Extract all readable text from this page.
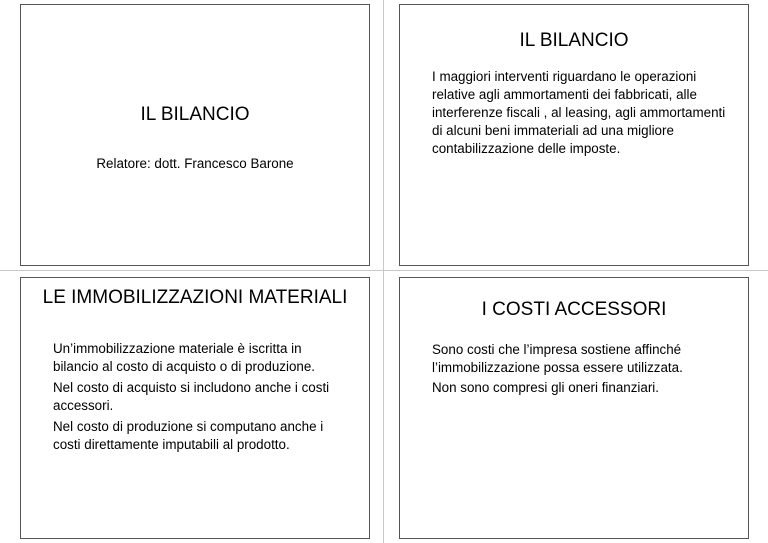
IL BILANCIO
Relatore: dott. Francesco Barone
IL BILANCIO

I maggiori interventi riguardano le operazioni relative agli ammortamenti dei fabbricati, alle interferenze fiscali , al leasing, agli ammortamenti di alcuni beni immateriali ad una migliore contabilizzazione delle imposte.

LE IMMOBILIZZAZIONI MATERIALI

Un’immobilizzazione materiale è iscritta in bilancio al costo di acquisto o di produzione.

Nel costo di acquisto si includono anche i costi accessori.

Nel costo di produzione si computano anche i costi direttamente imputabili al prodotto.

I COSTI ACCESSORI

Sono costi che l’impresa sostiene affinché l’immobilizzazione possa essere utilizzata.

Non sono compresi gli oneri finanziari.
